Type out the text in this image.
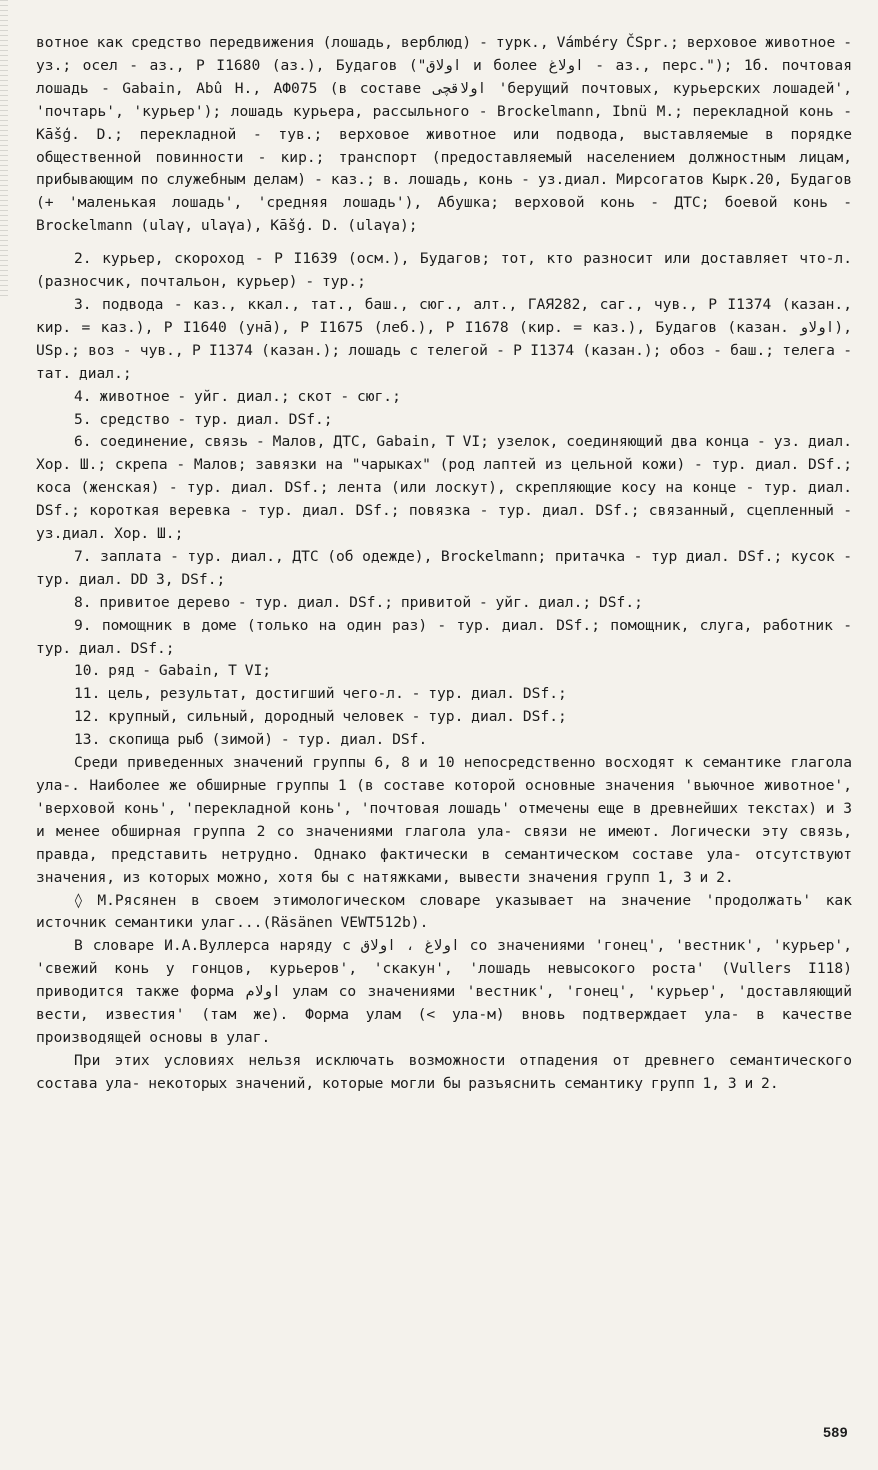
вотное как средство передвижения (лошадь, верблюд) - турк., Vámbéry ČSpr.; верховое животное - уз.; осел - аз., Р I1680 (аз.), Будагов ("اولاق и более اولاغ - аз., перс."); 1б. почтовая лошадь - Gabain, Abû H., АФ075 (в составе اولاقچی 'берущий почтовых, курьерских лошадей', 'почтарь', 'курьер'); лошадь курьера, рассыльного - Brockelmann, Ibnü M.; перекладной конь - Kāšģ. D.; перекладной - тув.; верховое животное или подвода, выставляемые в порядке общественной повинности - кир.; транспорт (предоставляемый населением должностным лицам, прибывающим по служебным делам) - каз.; в. лошадь, конь - уз.диал. Мирсогатов Кырк.20, Будагов (+ 'маленькая лошадь', 'средняя лошадь'), Абушка; верховой конь - ДТС; боевой конь - Brockelmann (ulaγ, ulaγa), Kāšģ. D. (ulaγa);

2. курьер, скороход - Р I1639 (осм.), Будагов; тот, кто разносит или доставляет что-л. (разносчик, почтальон, курьер) - тур.;

3. подвода - каз., ккал., тат., баш., сюг., алт., ГАЯ282, саг., чув., Р I1374 (казан., кир. = каз.), Р I1640 (унā), Р I1675 (леб.), Р I1678 (кир. = каз.), Будагов (казан. اولاو), USp.; воз - чув., Р I1374 (казан.); лошадь с телегой - Р I1374 (казан.); обоз - баш.; телега - тат. диал.;

4. животное - уйг. диал.; скот - сюг.;

5. средство - тур. диал. DSf.;

6. соединение, связь - Малов, ДТС, Gabain, Т VI; узелок, соединяющий два конца - уз. диал. Хор. Ш.; скрепа - Малов; завязки на "чарыках" (род лаптей из цельной кожи) - тур. диал. DSf.; коса (женская) - тур. диал. DSf.; лента (или лоскут), скрепляющие косу на конце - тур. диал. DSf.; короткая веревка - тур. диал. DSf.; повязка - тур. диал. DSf.; связанный, сцепленный - уз.диал. Хор. Ш.;

7. заплата - тур. диал., ДТС (об одежде), Brockelmann; притачка - тур диал. DSf.; кусок - тур. диал. DD 3, DSf.;

8. привитое дерево - тур. диал. DSf.; привитой - уйг. диал.; DSf.;

9. помощник в доме (только на один раз) - тур. диал. DSf.; помощник, слуга, работник - тур. диал. DSf.;

10. ряд - Gabain, Т VI;

11. цель, результат, достигший чего-л. - тур. диал. DSf.;

12. крупный, сильный, дородный человек - тур. диал. DSf.;

13. скопища рыб (зимой) - тур. диал. DSf.

Среди приведенных значений группы 6, 8 и 10 непосредственно восходят к семантике глагола ула-. Наиболее же обширные группы 1 (в составе которой основные значения 'вьючное животное', 'верховой конь', 'перекладной конь', 'почтовая лошадь' отмечены еще в древнейших текстах) и 3 и менее обширная группа 2 со значениями глагола ула- связи не имеют. Логически эту связь, правда, представить нетрудно. Однако фактически в семантическом составе ула- отсутствуют значения, из которых можно, хотя бы с натяжками, вывести значения групп 1, 3 и 2.

◊ М.Рясянен в своем этимологическом словаре указывает на значение 'продолжать' как источник семантики улаг...(Räsänen VEWT512b).

В словаре И.А.Вуллерса наряду с اولاغ ، اولاق со значениями 'гонец', 'вестник', 'курьер', 'свежий конь у гонцов, курьеров', 'скакун', 'лошадь невысокого роста' (Vullers I118) приводится также форма اولام улам со значениями 'вестник', 'гонец', 'курьер', 'доставляющий вести, известия' (там же). Форма улам (< ула-м) вновь подтверждает ула- в качестве производящей основы в улаг.

При этих условиях нельзя исключать возможности отпадения от древнего семантического состава ула- некоторых значений, которые могли бы разъяснить семантику групп 1, 3 и 2.

589
